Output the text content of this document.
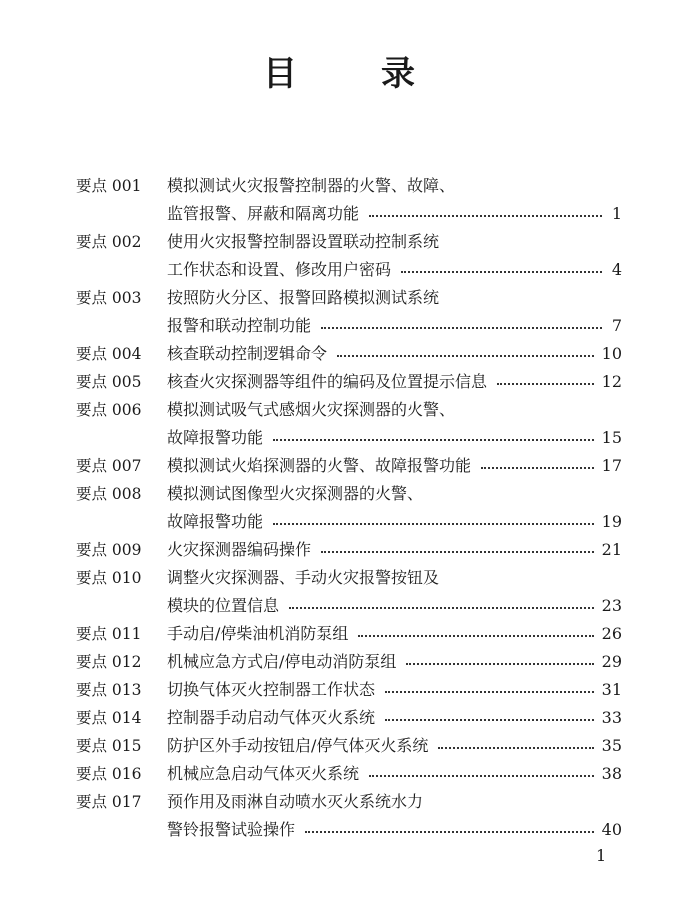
目 录
要点 001	模拟测试火灾报警控制器的火警、故障、
监管报警、屏蔽和隔离功能	1
要点 002	使用火灾报警控制器设置联动控制系统
工作状态和设置、修改用户密码	4
要点 003	按照防火分区、报警回路模拟测试系统
报警和联动控制功能	7
要点 004	核查联动控制逻辑命令	10
要点 005	核查火灾探测器等组件的编码及位置提示信息	12
要点 006	模拟测试吸气式感烟火灾探测器的火警、
故障报警功能	15
要点 007	模拟测试火焰探测器的火警、故障报警功能	17
要点 008	模拟测试图像型火灾探测器的火警、
故障报警功能	19
要点 009	火灾探测器编码操作	21
要点 010	调整火灾探测器、手动火灾报警按钮及
模块的位置信息	23
要点 011	手动启/停柴油机消防泵组	26
要点 012	机械应急方式启/停电动消防泵组	29
要点 013	切换气体灭火控制器工作状态	31
要点 014	控制器手动启动气体灭火系统	33
要点 015	防护区外手动按钮启/停气体灭火系统	35
要点 016	机械应急启动气体灭火系统	38
要点 017	预作用及雨淋自动喷水灭火系统水力
警铃报警试验操作	40
1
